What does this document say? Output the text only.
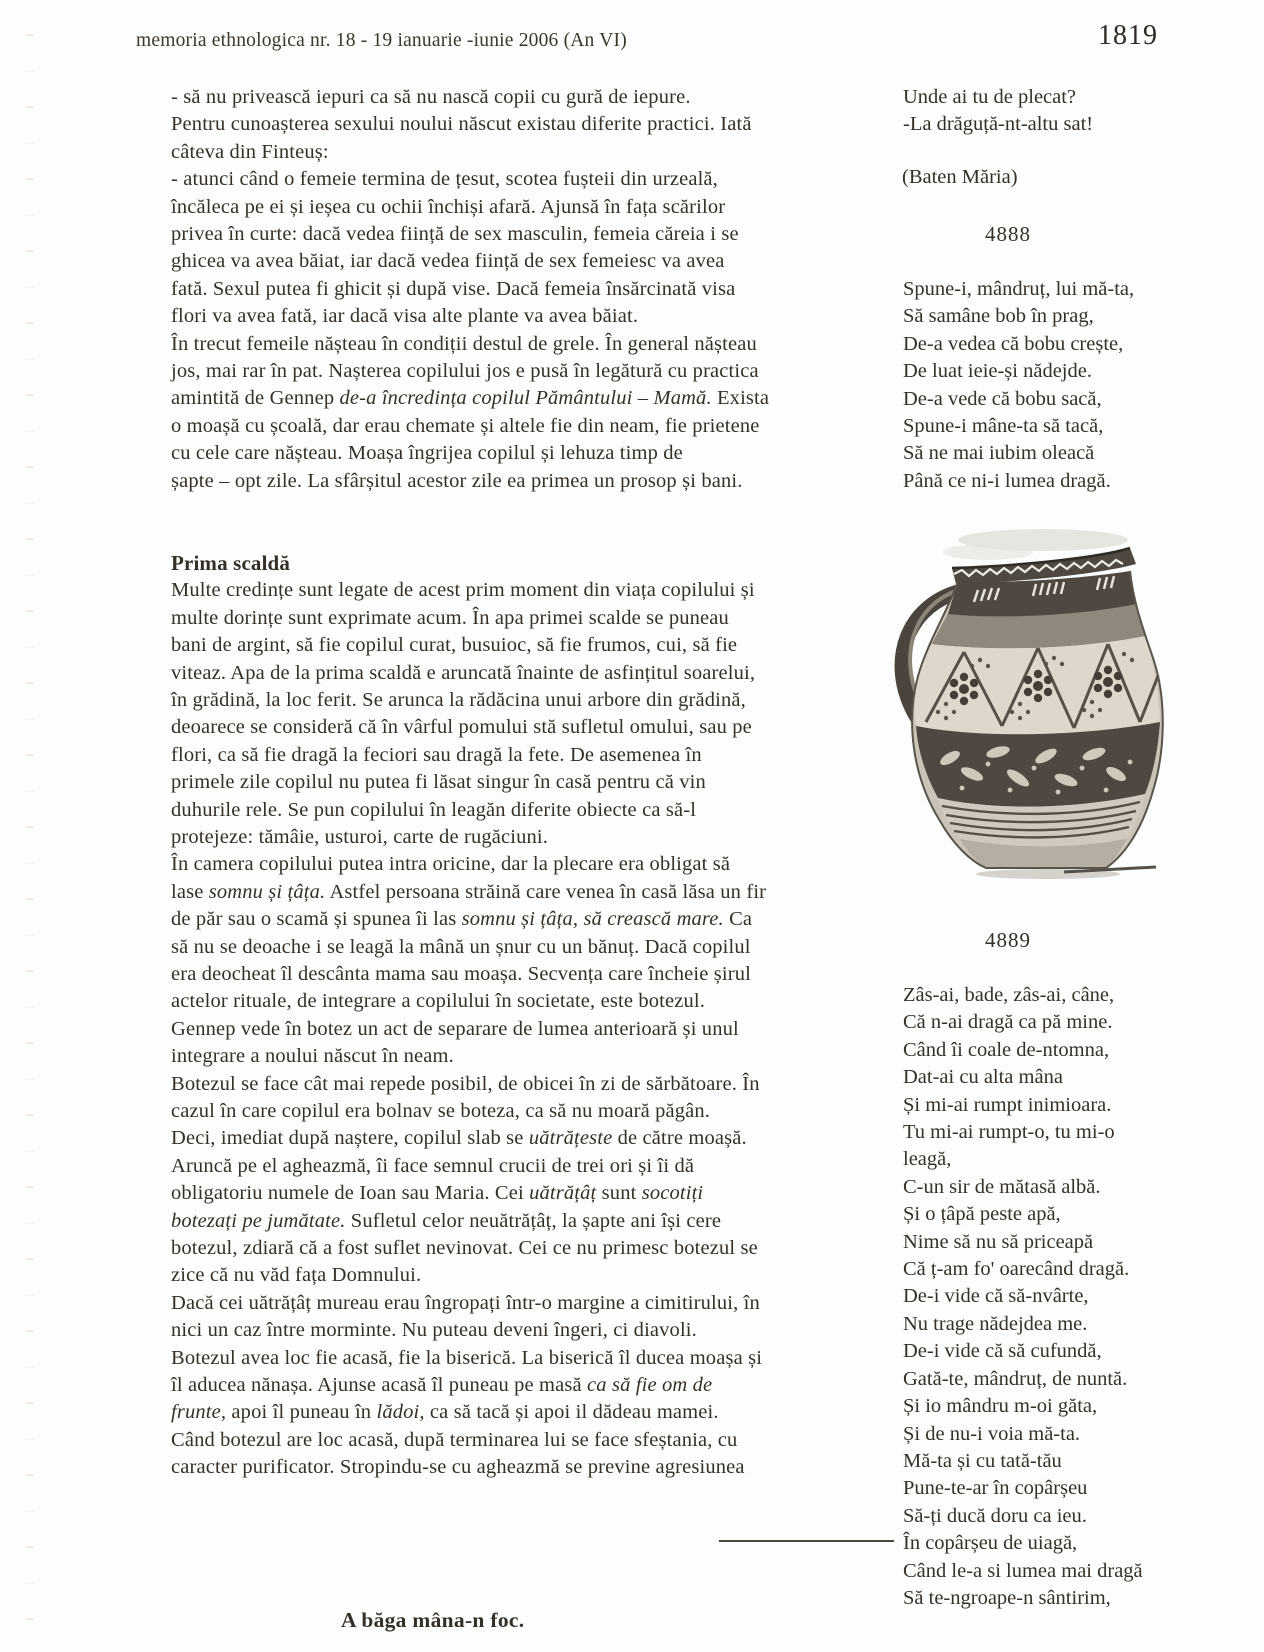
memoria ethnologica nr. 18 - 19 ianuarie -iunie 2006 (An VI)	1819
- să nu privească iepuri ca să nu nască copii cu gură de iepure.
Pentru cunoașterea sexului noului născut existau diferite practici. Iată
câteva din Finteuș:
- atunci când o femeie termina de țesut, scotea fușteii din urzeală,
încăleca pe ei și ieșea cu ochii închiși afară. Ajunsă în fața scărilor
privea în curte: dacă vedea ființă de sex masculin, femeia căreia i se
ghicea va avea băiat, iar dacă vedea ființă de sex femeiesc va avea
fată. Sexul putea fi ghicit și după vise. Dacă femeia însărcinată visa
flori va avea fată, iar dacă visa alte plante va avea băiat.
În trecut femeile nășteau în condiții destul de grele. În general nășteau
jos, mai rar în pat. Nașterea copilului jos e pusă în legătură cu practica
amintită de Gennep de-a încredința copilul Pământului – Mamă. Exista
o moașă cu școală, dar erau chemate și altele fie din neam, fie prietene
cu cele care nășteau. Moașa îngrijea copilul și lehuza timp de
șapte – opt zile. La sfârșitul acestor zile ea primea un prosop și bani.
Prima scaldă
Multe credințe sunt legate de acest prim moment din viața copilului și
multe dorințe sunt exprimate acum. În apa primei scalde se puneau
bani de argint, să fie copilul curat, busuioc, să fie frumos, cui, să fie
viteaz. Apa de la prima scaldă e aruncată înainte de asfințitul soarelui,
în grădină, la loc ferit. Se arunca la rădăcina unui arbore din grădină,
deoarece se consideră că în vârful pomului stă sufletul omului, sau pe
flori, ca să fie dragă la feciori sau dragă la fete. De asemenea în
primele zile copilul nu putea fi lăsat singur în casă pentru că vin
duhurile rele. Se pun copilului în leagăn diferite obiecte ca să-l
protejeze: tămâie, usturoi, carte de rugăciuni.
În camera copilului putea intra oricine, dar la plecare era obligat să
lase somnu și țâța. Astfel persoana străină care venea în casă lăsa un fir
de păr sau o scamă și spunea îi las somnu și țâța, să crească mare. Ca
să nu se deoache i se leagă la mână un șnur cu un bănuț. Dacă copilul
era deocheat îl descânta mama sau moașa. Secvența care încheie șirul
actelor rituale, de integrare a copilului în societate, este botezul.
Gennep vede în botez un act de separare de lumea anterioară și unul
integrare a noului născut în neam.
Botezul se face cât mai repede posibil, de obicei în zi de sărbătoare. În
cazul în care copilul era bolnav se boteza, ca să nu moară păgân.
Deci, imediat după naștere, copilul slab se uătrățeste de către moașă.
Aruncă pe el agheazmă, îi face semnul crucii de trei ori și îi dă
obligatoriu numele de Ioan sau Maria. Cei uătrățâț sunt socotiți
botezați pe jumătate. Sufletul celor neuătrățâț, la șapte ani își cere
botezul, zdiară că a fost suflet nevinovat. Cei ce nu primesc botezul se
zice că nu văd fața Domnului.
Dacă cei uătrățâț mureau erau îngropați într-o margine a cimitirului, în
nici un caz între morminte. Nu puteau deveni îngeri, ci diavoli.
Botezul avea loc fie acasă, fie la biserică. La biserică îl ducea moașa și
îl aducea nănașa. Ajunse acasă îl puneau pe masă ca să fie om de
frunte, apoi îl puneau în lădoi, ca să tacă și apoi il dădeau mamei.
Când botezul are loc acasă, după terminarea lui se face sfeștania, cu
caracter purificator. Stropindu-se cu agheazmă se previne agresiunea
Unde ai tu de plecat?
-La drăguță-nt-altu sat!
(Baten Măria)
4888
Spune-i, mândruț, lui mă-ta,
Să samâne bob în prag,
De-a vedea că bobu crește,
De luat ieie-și nădejde.
De-a vede că bobu sacă,
Spune-i mâne-ta să tacă,
Să ne mai iubim oleacă
Până ce ni-i lumea dragă.
4889
Zâs-ai, bade, zâs-ai, câne,
Că n-ai dragă ca pă mine.
Când îi coale de-ntomna,
Dat-ai cu alta mâna
Și mi-ai rumpt inimioara.
Tu mi-ai rumpt-o, tu mi-o
leagă,
C-un sir de mătasă albă.
Și o țâpă peste apă,
Nime să nu să priceapă
Că ț-am fo' oarecând dragă.
De-i vide că să-nvârte,
Nu trage nădejdea me.
De-i vide că să cufundă,
Gată-te, mândruț, de nuntă.
Și io mândru m-oi găta,
Și de nu-i voia mă-ta.
Mă-ta și cu tată-tău
Pune-te-ar în copârșeu
Să-ți ducă doru ca ieu.
În copârșeu de uiagă,
Când le-a si lumea mai dragă
Să te-ngroape-n sântirim,
A băga mâna-n foc.
